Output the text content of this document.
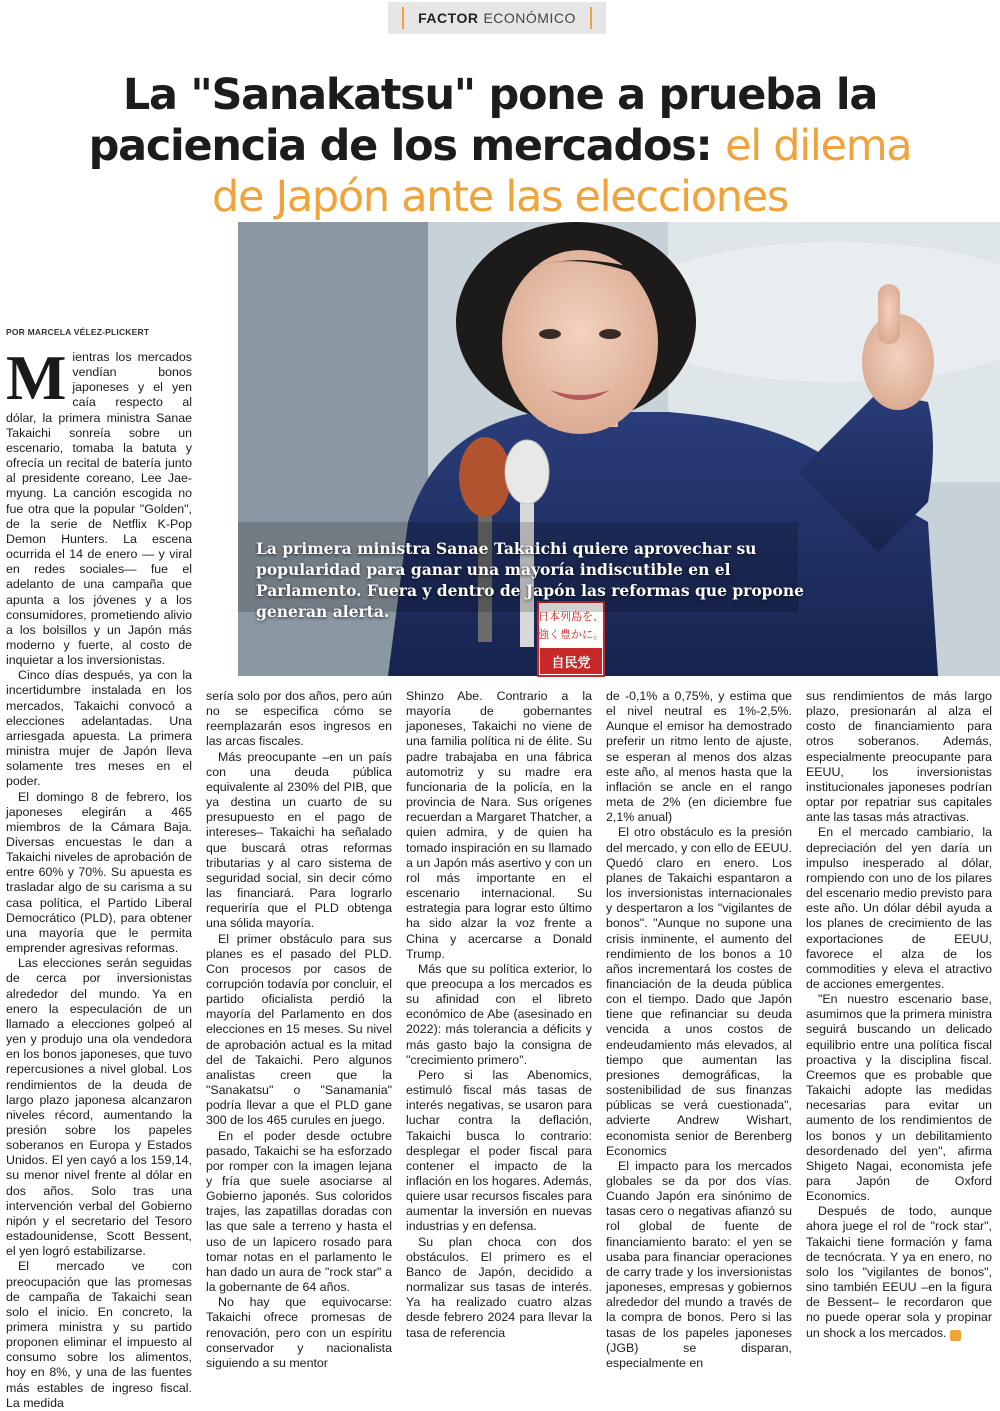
FACTOR ECONÓMICO
La "Sanakatsu" pone a prueba la
paciencia de los mercados: el dilema
de Japón ante las elecciones
日本列島を、
強く豊かに。
自民党
La primera ministra Sanae Takaichi quiere aprovechar su popularidad para ganar una mayoría indiscutible en el Parlamento. Fuera y dentro de Japón las reformas que propone generan alerta.
POR MARCELA VÉLEZ-PLICKERT

Mientras los mercados vendían bonos japoneses y el yen caía respecto al dólar, la primera ministra Sanae Takaichi sonreía sobre un escenario, tomaba la batuta y ofrecía un recital de batería junto al presidente coreano, Lee Jae-myung. La canción escogida no fue otra que la popular "Golden", de la serie de Netflix K-Pop Demon Hunters. La escena ocurrida el 14 de enero — y viral en redes sociales— fue el adelanto de una campaña que apunta a los jóvenes y a los consumidores, prometiendo alivio a los bolsillos y un Japón más moderno y fuerte, al costo de inquietar a los inversionistas.

Cinco días después, ya con la incertidumbre instalada en los mercados, Takaichi convocó a elecciones adelantadas. Una arriesgada apuesta. La primera ministra mujer de Japón lleva solamente tres meses en el poder.

El domingo 8 de febrero, los japoneses elegirán a 465 miembros de la Cámara Baja. Diversas encuestas le dan a Takaichi niveles de aprobación de entre 60% y 70%. Su apuesta es trasladar algo de su carisma a su casa política, el Partido Liberal Democrático (PLD), para obtener una mayoría que le permita emprender agresivas reformas.

Las elecciones serán seguidas de cerca por inversionistas alrededor del mundo. Ya en enero la especulación de un llamado a elecciones golpeó al yen y produjo una ola vendedora en los bonos japoneses, que tuvo repercusiones a nivel global. Los rendimientos de la deuda de largo plazo japonesa alcanzaron niveles récord, aumentando la presión sobre los papeles soberanos en Europa y Estados Unidos. El yen cayó a los 159,14, su menor nivel frente al dólar en dos años. Solo tras una intervención verbal del Gobierno nipón y el secretario del Tesoro estadounidense, Scott Bessent, el yen logró estabilizarse.

El mercado ve con preocupación que las promesas de campaña de Takaichi sean solo el inicio. En concreto, la primera ministra y su partido proponen eliminar el impuesto al consumo sobre los alimentos, hoy en 8%, y una de las fuentes más estables de ingreso fiscal. La medida

sería solo por dos años, pero aún no se especifica cómo se reemplazarán esos ingresos en las arcas fiscales.

Más preocupante –en un país con una deuda pública equivalente al 230% del PIB, que ya destina un cuarto de su presupuesto en el pago de intereses– Takaichi ha señalado que buscará otras reformas tributarias y al caro sistema de seguridad social, sin decir cómo las financiará. Para lograrlo requeriría que el PLD obtenga una sólida mayoría.

El primer obstáculo para sus planes es el pasado del PLD. Con procesos por casos de corrupción todavía por concluir, el partido oficialista perdió la mayoría del Parlamento en dos elecciones en 15 meses. Su nivel de aprobación actual es la mitad del de Takaichi. Pero algunos analistas creen que la "Sanakatsu" o "Sanamania" podría llevar a que el PLD gane 300 de los 465 curules en juego.

En el poder desde octubre pasado, Takaichi se ha esforzado por romper con la imagen lejana y fría que suele asociarse al Gobierno japonés. Sus coloridos trajes, las zapatillas doradas con las que sale a terreno y hasta el uso de un lapicero rosado para tomar notas en el parlamento le han dado un aura de "rock star" a la gobernante de 64 años.

No hay que equivocarse: Takaichi ofrece promesas de renovación, pero con un espíritu conservador y nacionalista siguiendo a su mentor

Shinzo Abe. Contrario a la mayoría de gobernantes japoneses, Takaichi no viene de una familia política ni de élite. Su padre trabajaba en una fábrica automotriz y su madre era funcionaria de la policía, en la provincia de Nara. Sus orígenes recuerdan a Margaret Thatcher, a quien admira, y de quien ha tomado inspiración en su llamado a un Japón más asertivo y con un rol más importante en el escenario internacional. Su estrategia para lograr esto último ha sido alzar la voz frente a China y acercarse a Donald Trump.

Más que su política exterior, lo que preocupa a los mercados es su afinidad con el libreto económico de Abe (asesinado en 2022): más tolerancia a déficits y más gasto bajo la consigna de "crecimiento primero".

Pero si las Abenomics, estimuló fiscal más tasas de interés negativas, se usaron para luchar contra la deflación, Takaichi busca lo contrario: desplegar el poder fiscal para contener el impacto de la inflación en los hogares. Además, quiere usar recursos fiscales para aumentar la inversión en nuevas industrias y en defensa.

Su plan choca con dos obstáculos. El primero es el Banco de Japón, decidido a normalizar sus tasas de interés. Ya ha realizado cuatro alzas desde febrero 2024 para llevar la tasa de referencia

de -0,1% a 0,75%, y estima que el nivel neutral es 1%-2,5%. Aunque el emisor ha demostrado preferir un ritmo lento de ajuste, se esperan al menos dos alzas este año, al menos hasta que la inflación se ancle en el rango meta de 2% (en diciembre fue 2,1% anual)

El otro obstáculo es la presión del mercado, y con ello de EEUU. Quedó claro en enero. Los planes de Takaichi espantaron a los inversionistas internacionales y despertaron a los "vigilantes de bonos". "Aunque no supone una crisis inminente, el aumento del rendimiento de los bonos a 10 años incrementará los costes de financiación de la deuda pública con el tiempo. Dado que Japón tiene que refinanciar su deuda vencida a unos costos de endeudamiento más elevados, al tiempo que aumentan las presiones demográficas, la sostenibilidad de sus finanzas públicas se verá cuestionada", advierte Andrew Wishart, economista senior de Berenberg Economics

El impacto para los mercados globales se da por dos vías. Cuando Japón era sinónimo de tasas cero o negativas afianzó su rol global de fuente de financiamiento barato: el yen se usaba para financiar operaciones de carry trade y los inversionistas japoneses, empresas y gobiernos alrededor del mundo a través de la compra de bonos. Pero si las tasas de los papeles japoneses (JGB) se disparan, especialmente en

sus rendimientos de más largo plazo, presionarán al alza el costo de financiamiento para otros soberanos. Además, especialmente preocupante para EEUU, los inversionistas institucionales japoneses podrían optar por repatriar sus capitales ante las tasas más atractivas.

En el mercado cambiario, la depreciación del yen daría un impulso inesperado al dólar, rompiendo con uno de los pilares del escenario medio previsto para este año. Un dólar débil ayuda a los planes de crecimiento de las exportaciones de EEUU, favorece el alza de los commodities y eleva el atractivo de acciones emergentes.

"En nuestro escenario base, asumimos que la primera ministra seguirá buscando un delicado equilibrio entre una política fiscal proactiva y la disciplina fiscal. Creemos que es probable que Takaichi adopte las medidas necesarias para evitar un aumento de los rendimientos de los bonos y un debilitamiento desordenado del yen", afirma Shigeto Nagai, economista jefe para Japón de Oxford Economics.

Después de todo, aunque ahora juege el rol de "rock star", Takaichi tiene formación y fama de tecnócrata. Y ya en enero, no solo los "vigilantes de bonos", sino también EEUU –en la figura de Bessent– le recordaron que no puede operar sola y propinar un shock a los mercados. S
